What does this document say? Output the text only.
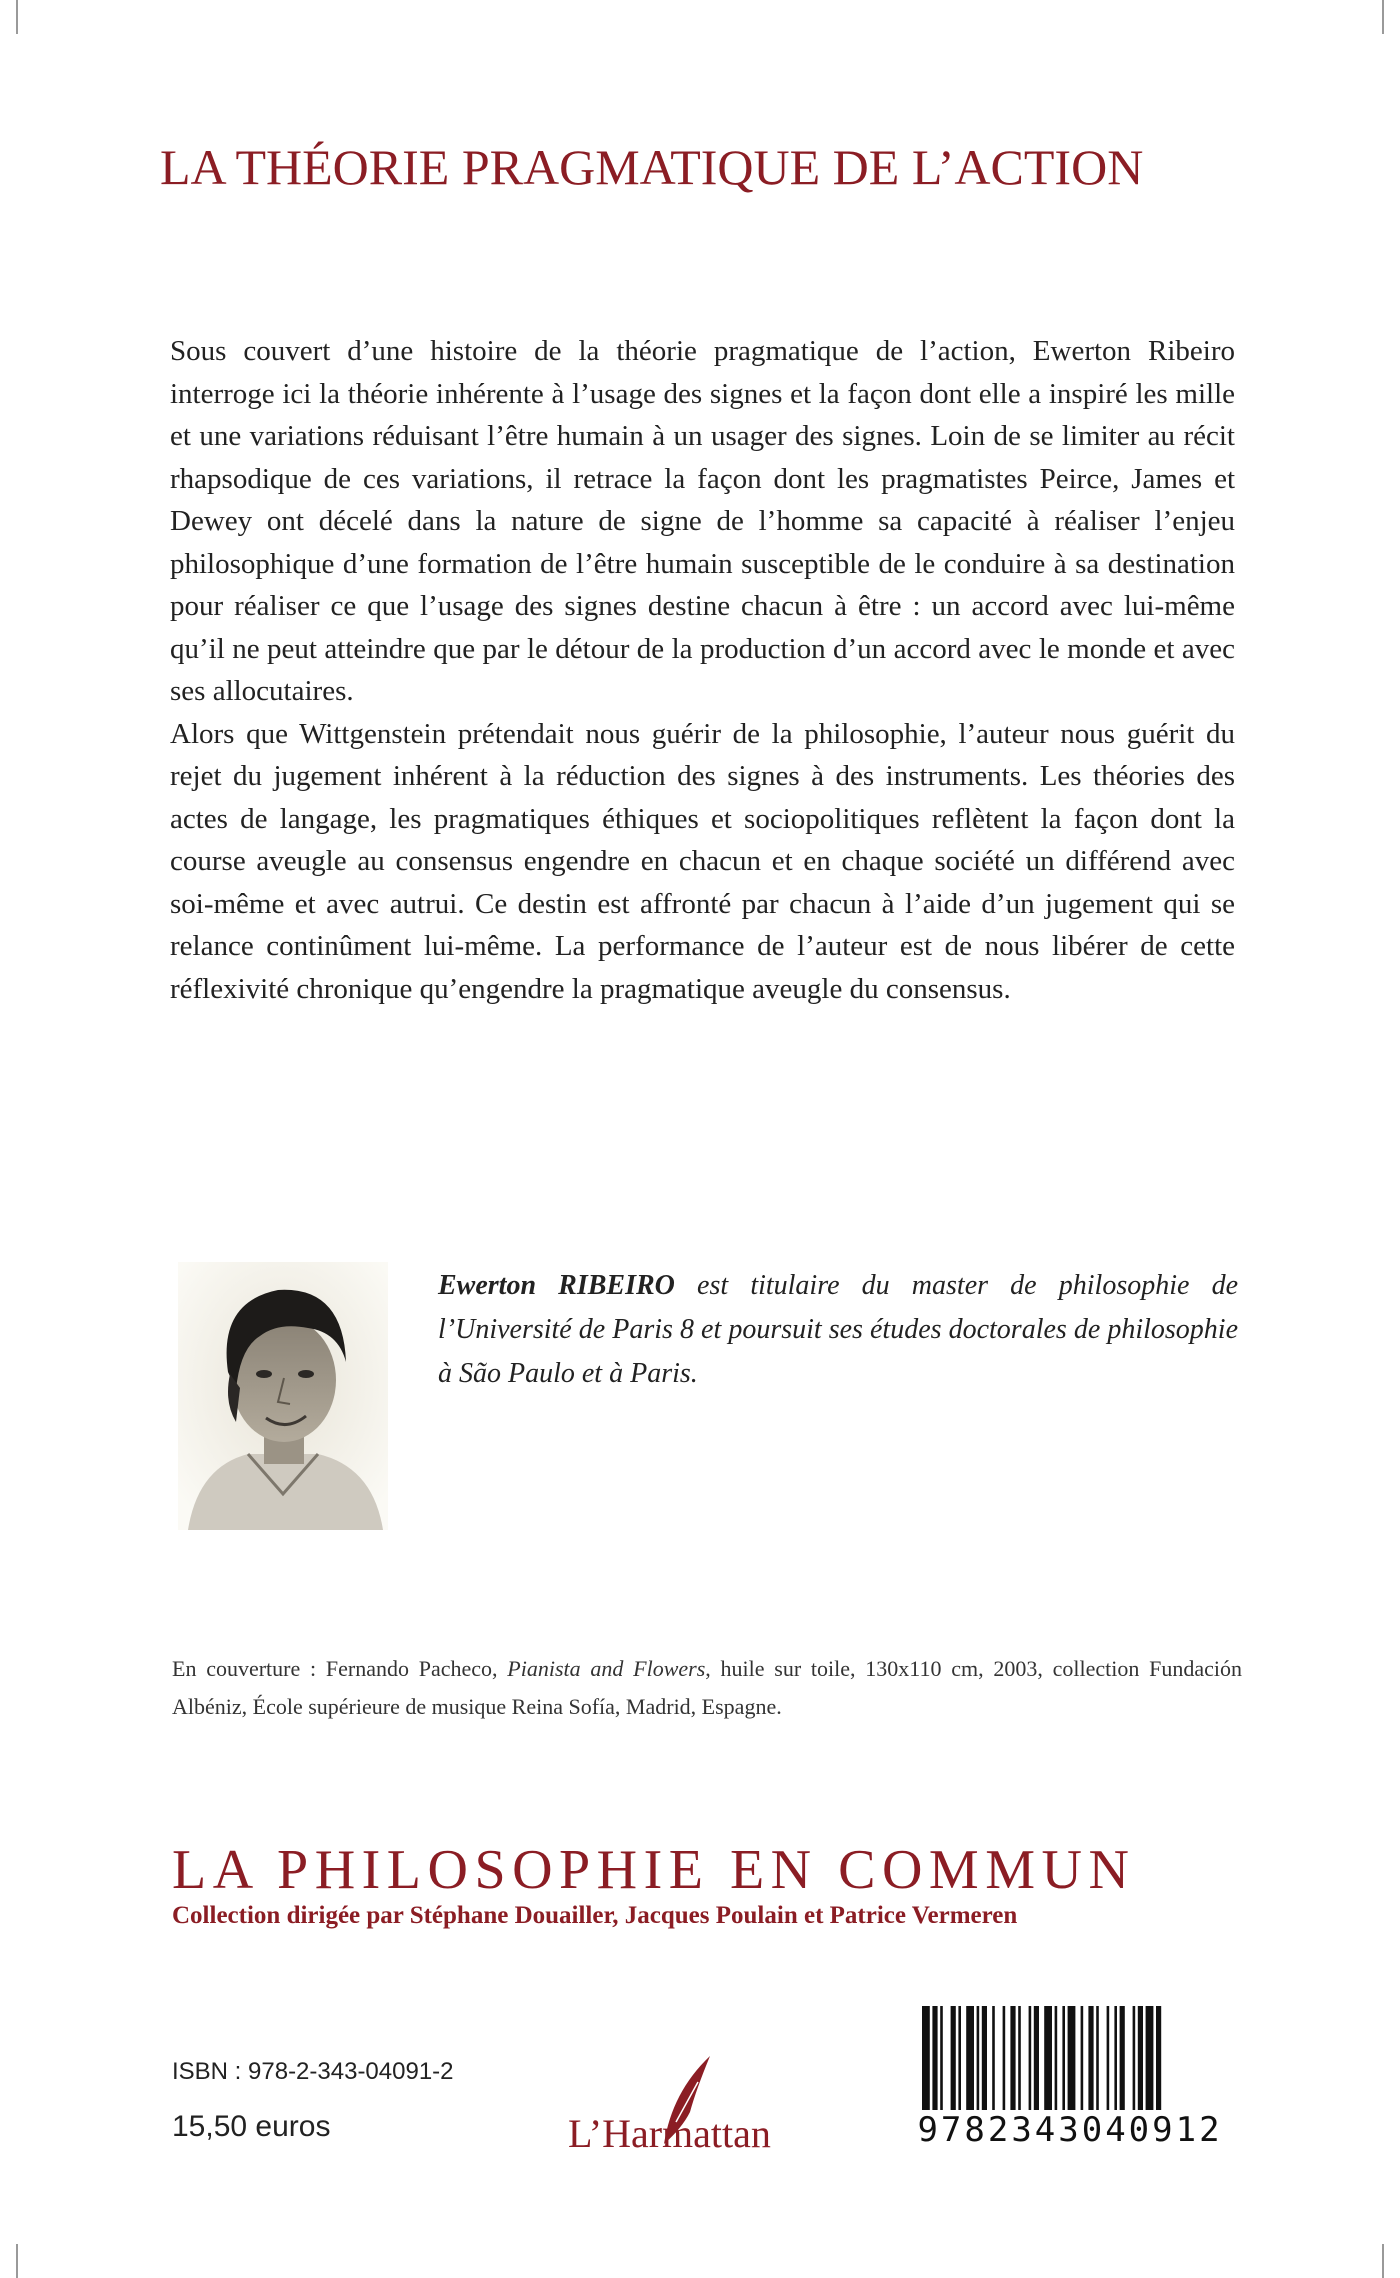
LA THÉORIE PRAGMATIQUE DE L’ACTION

Sous couvert d’une histoire de la théorie pragmatique de l’action, Ewerton Ribeiro interroge ici la théorie inhérente à l’usage des signes et la façon dont elle a inspiré les mille et une variations réduisant l’être humain à un usager des signes. Loin de se limiter au récit rhapsodique de ces variations, il retrace la façon dont les pragmatistes Peirce, James et Dewey ont décelé dans la nature de signe de l’homme sa capacité à réaliser l’enjeu philosophique d’une formation de l’être humain susceptible de le conduire à sa destination pour réaliser ce que l’usage des signes destine chacun à être : un accord avec lui-même qu’il ne peut atteindre que par le détour de la production d’un accord avec le monde et avec ses allocutaires.

Alors que Wittgenstein prétendait nous guérir de la philosophie, l’auteur nous guérit du rejet du jugement inhérent à la réduction des signes à des instruments. Les théories des actes de langage, les pragmatiques éthiques et sociopolitiques reflètent la façon dont la course aveugle au consensus engendre en chacun et en chaque société un différend avec soi-même et avec autrui. Ce destin est affronté par chacun à l’aide d’un jugement qui se relance continûment lui-même. La performance de l’auteur est de nous libérer de cette réflexivité chronique qu’engendre la pragmatique aveugle du consensus.

Ewerton RIBEIRO est titulaire du master de philosophie de l’Université de Paris 8 et poursuit ses études doctorales de philosophie à São Paulo et à Paris.
En couverture : Fernando Pacheco, Pianista and Flowers, huile sur toile, 130x110 cm, 2003, collection Fundación Albéniz, École supérieure de musique Reina Sofía, Madrid, Espagne.
LA PHILOSOPHIE EN COMMUN
Collection dirigée par Stéphane Douailler, Jacques Poulain et Patrice Vermeren
ISBN : 978-2-343-04091-2
15,50 euros	L’Harmattan	9782343040912
